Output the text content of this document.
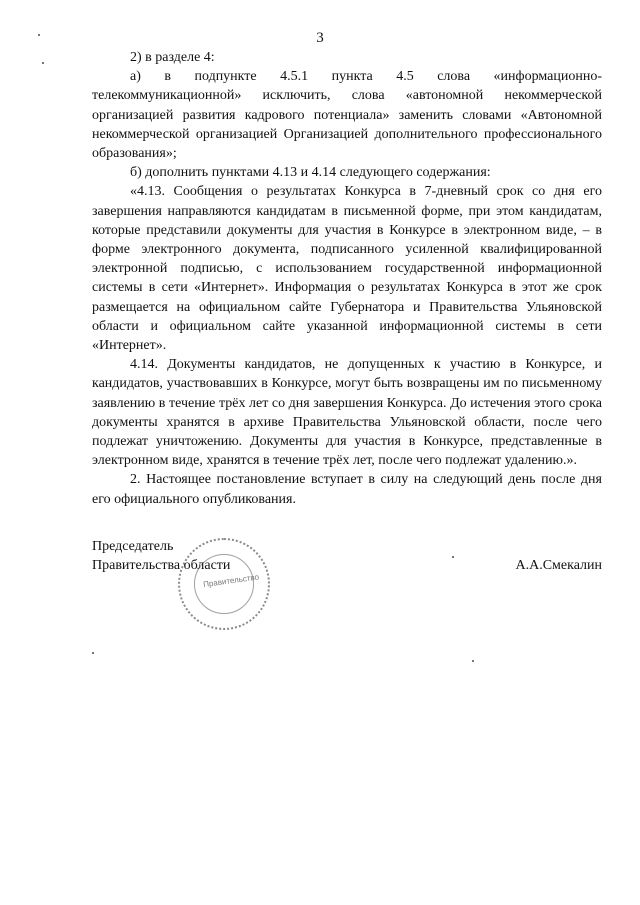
3

2) в разделе 4:

а) в подпункте 4.5.1 пункта 4.5 слова «информационно-телекоммуникационной» исключить, слова «автономной некоммерческой организацией развития кадрового потенциала» заменить словами «Автономной некоммерческой организацией Организацией дополнительного профессионального образования»;

б) дополнить пунктами 4.13 и 4.14 следующего содержания:

«4.13. Сообщения о результатах Конкурса в 7-дневный срок со дня его завершения направляются кандидатам в письменной форме, при этом кандидатам, которые представили документы для участия в Конкурсе в электронном виде, – в форме электронного документа, подписанного усиленной квалифицированной электронной подписью, с использованием государственной информационной системы в сети «Интернет». Информация о результатах Конкурса в этот же срок размещается на официальном сайте Губернатора и Правительства Ульяновской области и официальном сайте указанной информационной системы в сети «Интернет».

4.14. Документы кандидатов, не допущенных к участию в Конкурсе, и кандидатов, участвовавших в Конкурсе, могут быть возвращены им по письменному заявлению в течение трёх лет со дня завершения Конкурса. До истечения этого срока документы хранятся в архиве Правительства Ульяновской области, после чего подлежат уничтожению. Документы для участия в Конкурсе, представленные в электронном виде, хранятся в течение трёх лет, после чего подлежат удалению.».

2. Настоящее постановление вступает в силу на следующий день после дня его официального опубликования.

Правительство
Председатель
Правительства области	А.А.Смекалин
